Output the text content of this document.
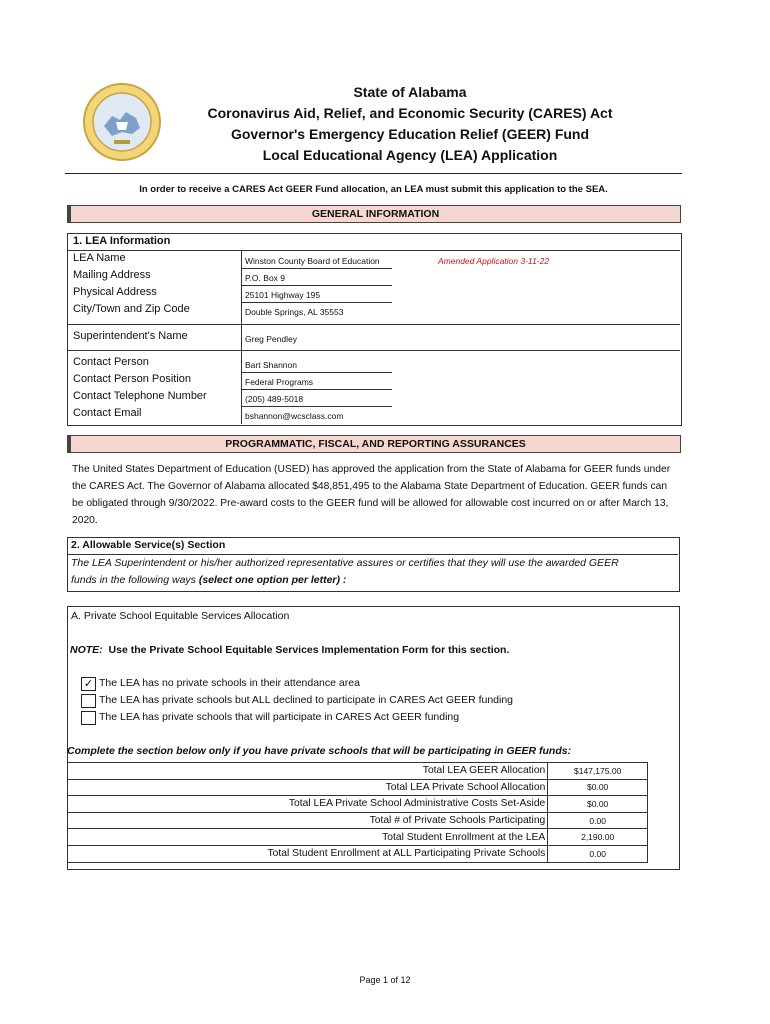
State of Alabama
Coronavirus Aid, Relief, and Economic Security (CARES) Act
Governor's Emergency Education Relief (GEER) Fund
Local Educational Agency (LEA) Application
In order to receive a CARES Act GEER Fund allocation, an LEA must submit this application to the SEA.
GENERAL INFORMATION
1. LEA Information
LEA Name	Winston County Board of Education	Amended Application 3-11-22
Mailing Address	P.O. Box 9
Physical Address	25101 Highway 195
City/Town and Zip Code	Double Springs, AL 35553
Superintendent's Name	Greg Pendley
Contact Person	Bart Shannon
Contact Person Position	Federal Programs
Contact Telephone Number	(205) 489-5018
Contact Email	bshannon@wcsclass.com
PROGRAMMATIC, FISCAL, AND REPORTING ASSURANCES
The United States Department of Education (USED) has approved the application from the State of Alabama for GEER funds under the CARES Act. The Governor of Alabama allocated $48,851,495 to the Alabama State Department of Education. GEER funds can be obligated through 9/30/2022. Pre-award costs to the GEER fund will be allowed for allowable cost incurred on or after March 13, 2020.
2. Allowable Service(s) Section
The LEA Superintendent or his/her authorized representative assures or certifies that they will use the awarded GEER
funds in the following ways (select one option per letter) :
A. Private School Equitable Services Allocation
NOTE: Use the Private School Equitable Services Implementation Form for this section.
✓ The LEA has no private schools in their attendance area
The LEA has private schools but ALL declined to participate in CARES Act GEER funding
The LEA has private schools that will participate in CARES Act GEER funding
Complete the section below only if you have private schools that will be participating in GEER funds:
Total LEA GEER Allocation	$147,175.00
Total LEA Private School Allocation	$0.00
Total LEA Private School Administrative Costs Set-Aside	$0.00
Total # of Private Schools Participating	0.00
Total Student Enrollment at the LEA	2,190.00
Total Student Enrollment at ALL Participating Private Schools	0.00
Page 1 of 12
